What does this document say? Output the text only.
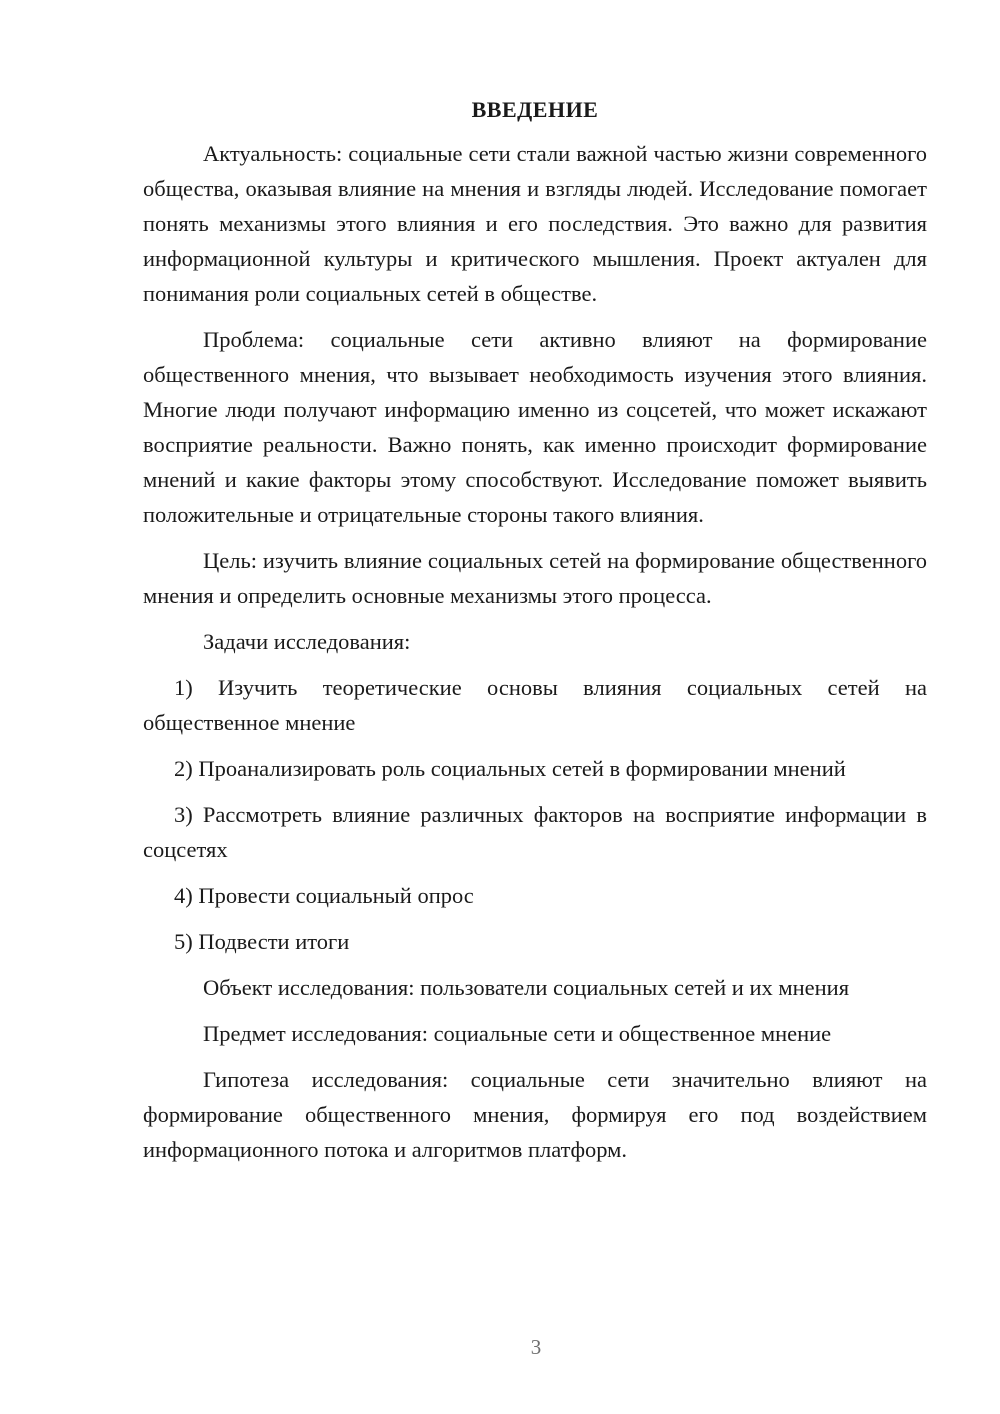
ВВЕДЕНИЕ

Актуальность: социальные сети стали важной частью жизни современного общества, оказывая влияние на мнения и взгляды людей. Исследование помогает понять механизмы этого влияния и его последствия. Это важно для развития информационной культуры и критического мышления. Проект актуален для понимания роли социальных сетей в обществе.

Проблема: социальные сети активно влияют на формирование общественного мнения, что вызывает необходимость изучения этого влияния. Многие люди получают информацию именно из соцсетей, что может искажают восприятие реальности. Важно понять, как именно происходит формирование мнений и какие факторы этому способствуют. Исследование поможет выявить положительные и отрицательные стороны такого влияния.

Цель: изучить влияние социальных сетей на формирование общественного мнения и определить основные механизмы этого процесса.

Задачи исследования:

1) Изучить теоретические основы влияния социальных сетей на общественное мнение

2) Проанализировать роль социальных сетей в формировании мнений

3) Рассмотреть влияние различных факторов на восприятие информации в соцсетях

4) Провести социальный опрос

5) Подвести итоги

Объект исследования: пользователи социальных сетей и их мнения

Предмет исследования: социальные сети и общественное мнение

Гипотеза исследования: социальные сети значительно влияют на формирование общественного мнения, формируя его под воздействием информационного потока и алгоритмов платформ.

3
